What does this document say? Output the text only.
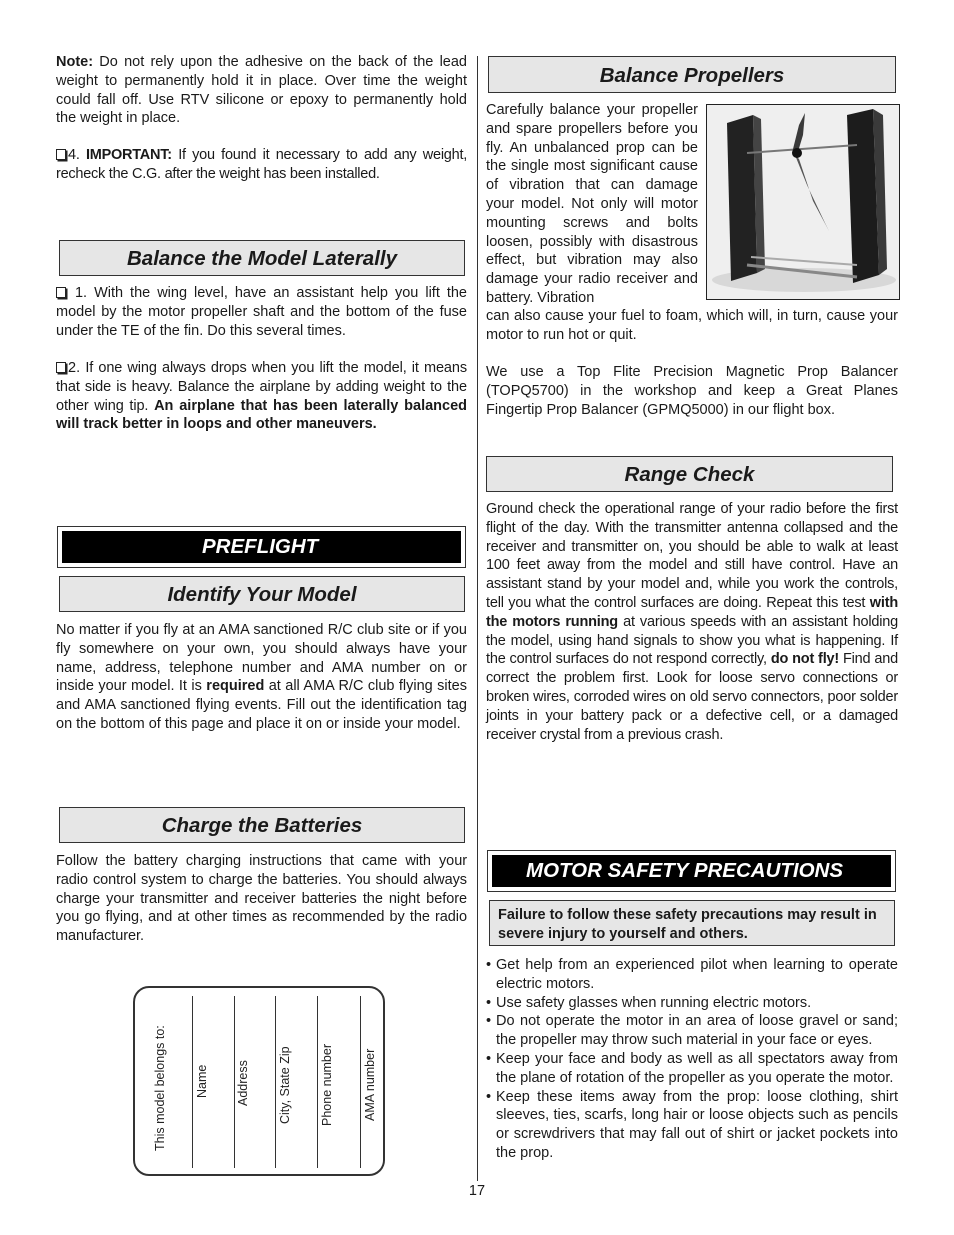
Note: Do not rely upon the adhesive on the back of the lead weight to permanently hold it in place. Over time the weight could fall off. Use RTV silicone or epoxy to permanently hold the weight in place.

4. IMPORTANT: If you found it necessary to add any weight, recheck the C.G. after the weight has been installed.

Balance the Model Laterally

1. With the wing level, have an assistant help you lift the model by the motor propeller shaft and the bottom of the fuse under the TE of the fin. Do this several times.

2. If one wing always drops when you lift the model, it means that side is heavy. Balance the airplane by adding weight to the other wing tip. An airplane that has been laterally balanced will track better in loops and other maneuvers.

PREFLIGHT
Identify Your Model

No matter if you fly at an AMA sanctioned R/C club site or if you fly somewhere on your own, you should always have your name, address, telephone number and AMA number on or inside your model. It is required at all AMA R/C club flying sites and AMA sanctioned flying events. Fill out the identification tag on the bottom of this page and place it on or inside your model.

Charge the Batteries

Follow the battery charging instructions that came with your radio control system to charge the batteries. You should always charge your transmitter and receiver batteries the night before you go flying, and at other times as recommended by the radio manufacturer.

This model belongs to: Name Address City, State Zip Phone number AMA number
Balance Propellers

Carefully balance your propeller and spare propellers before you fly. An unbalanced prop can be the single most significant cause of vibration that can damage your model. Not only will motor mounting screws and bolts loosen, possibly with disastrous effect, but vibration may also damage your radio receiver and battery. Vibration

can also cause your fuel to foam, which will, in turn, cause your motor to run hot or quit.

We use a Top Flite Precision Magnetic Prop Balancer (TOPQ5700) in the workshop and keep a Great Planes Fingertip Prop Balancer (GPMQ5000) in our flight box.

Range Check

Ground check the operational range of your radio before the first flight of the day. With the transmitter antenna collapsed and the receiver and transmitter on, you should be able to walk at least 100 feet away from the model and still have control. Have an assistant stand by your model and, while you work the controls, tell you what the control surfaces are doing. Repeat this test with the motors running at various speeds with an assistant holding the model, using hand signals to show you what is happening. If the control surfaces do not respond correctly, do not fly! Find and correct the problem first. Look for loose servo connections or broken wires, corroded wires on old servo connectors, poor solder joints in your battery pack or a defective cell, or a damaged receiver crystal from a previous crash.

MOTOR SAFETY PRECAUTIONS
Failure to follow these safety precautions may result in severe injury to yourself and others.
• Get help from an experienced pilot when learning to operate electric motors.
• Use safety glasses when running electric motors.
• Do not operate the motor in an area of loose gravel or sand; the propeller may throw such material in your face or eyes.
• Keep your face and body as well as all spectators away from the plane of rotation of the propeller as you operate the motor.
• Keep these items away from the prop: loose clothing, shirt sleeves, ties, scarfs, long hair or loose objects such as pencils or screwdrivers that may fall out of shirt or jacket pockets into the prop.
17
